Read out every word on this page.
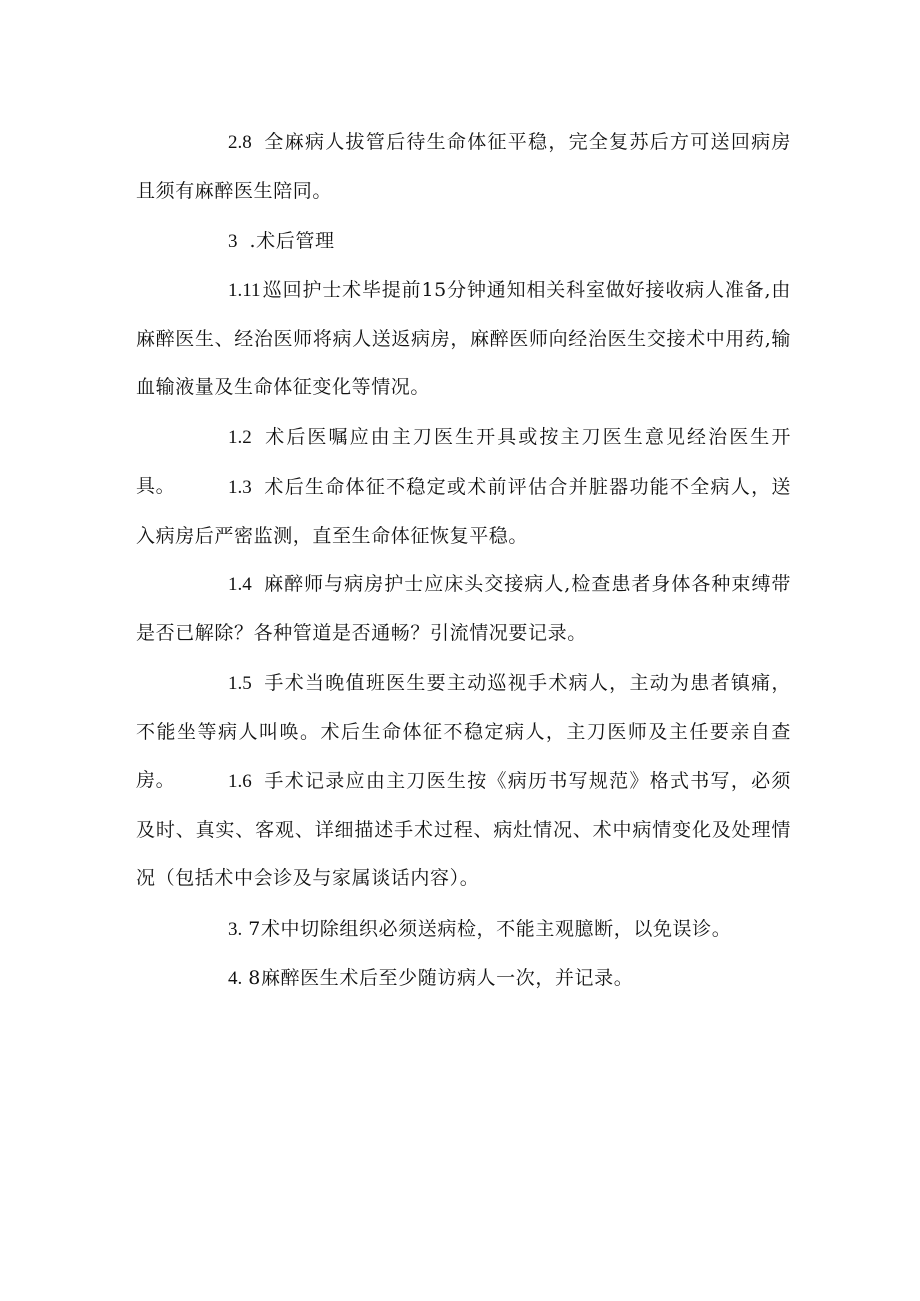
2.8 全麻病人拔管后待生命体征平稳，完全复苏后方可送回病房且须有麻醉医生陪同。

3 .术后管理

1.11 巡回护士术毕提前15分钟通知相关科室做好接收病人准备,由麻醉医生、经治医师将病人送返病房，麻醉医师向经治医生交接术中用药,输血输液量及生命体征变化等情况。

1.2 术后医嘱应由主刀医生开具或按主刀医生意见经治医生开具。	1.3 术后生命体征不稳定或术前评估合并脏器功能不全病人，送入病房后严密监测，直至生命体征恢复平稳。

1.4 麻醉师与病房护士应床头交接病人,检查患者身体各种束缚带是否已解除？各种管道是否通畅？引流情况要记录。

1.5 手术当晚值班医生要主动巡视手术病人，主动为患者镇痛，不能坐等病人叫唤。术后生命体征不稳定病人，主刀医师及主任要亲自查房。	1.6 手术记录应由主刀医生按《病历书写规范》格式书写，必须及时、真实、客观、详细描述手术过程、病灶情况、术中病情变化及处理情况（包括术中会诊及与家属谈话内容）。

3. 7术中切除组织必须送病检，不能主观臆断，以免误诊。

4. 8麻醉医生术后至少随访病人一次，并记录。
